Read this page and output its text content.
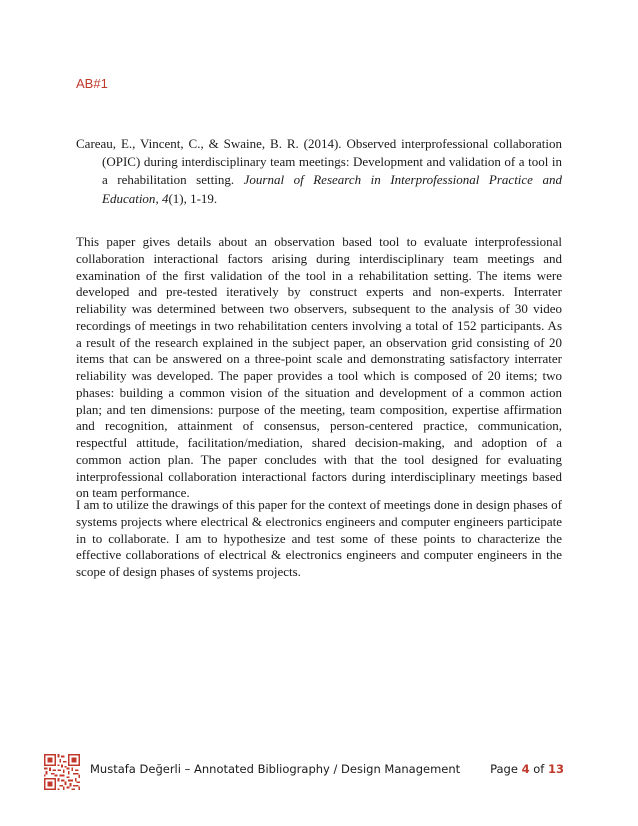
AB#1

Careau, E., Vincent, C., & Swaine, B. R. (2014). Observed interprofessional collaboration (OPIC) during interdisciplinary team meetings: Development and validation of a tool in a rehabilitation setting. Journal of Research in Interprofessional Practice and Education, 4(1), 1-19.

This paper gives details about an observation based tool to evaluate interprofessional collaboration interactional factors arising during interdisciplinary team meetings and examination of the first validation of the tool in a rehabilitation setting. The items were developed and pre-tested iteratively by construct experts and non-experts. Interrater reliability was determined between two observers, subsequent to the analysis of 30 video recordings of meetings in two rehabilitation centers involving a total of 152 participants. As a result of the research explained in the subject paper, an observation grid consisting of 20 items that can be answered on a three-point scale and demonstrating satisfactory interrater reliability was developed. The paper provides a tool which is composed of 20 items; two phases: building a common vision of the situation and development of a common action plan; and ten dimensions: purpose of the meeting, team composition, expertise affirmation and recognition, attainment of consensus, person-centered practice, communication, respectful attitude, facilitation/mediation, shared decision-making, and adoption of a common action plan. The paper concludes with that the tool designed for evaluating interprofessional collaboration interactional factors during interdisciplinary meetings based on team performance.

I am to utilize the drawings of this paper for the context of meetings done in design phases of systems projects where electrical & electronics engineers and computer engineers participate in to collaborate. I am to hypothesize and test some of these points to characterize the effective collaborations of electrical & electronics engineers and computer engineers in the scope of design phases of systems projects.

Mustafa Değerli – Annotated Bibliography / Design Management	Page 4 of 13
